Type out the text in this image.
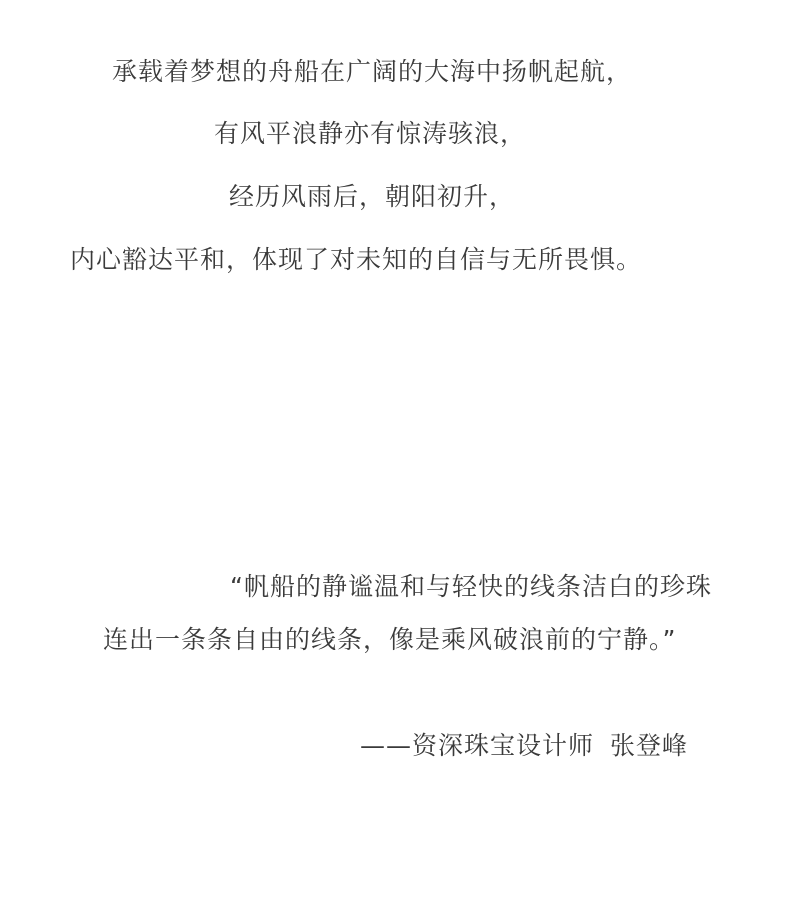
承载着梦想的舟船在广阔的大海中扬帆起航，
有风平浪静亦有惊涛骇浪，
经历风雨后，朝阳初升，
内心豁达平和，体现了对未知的自信与无所畏惧。
“帆船的静谧温和与轻快的线条洁白的珍珠
连出一条条自由的线条，像是乘风破浪前的宁静。”
——资深珠宝设计师 张登峰
